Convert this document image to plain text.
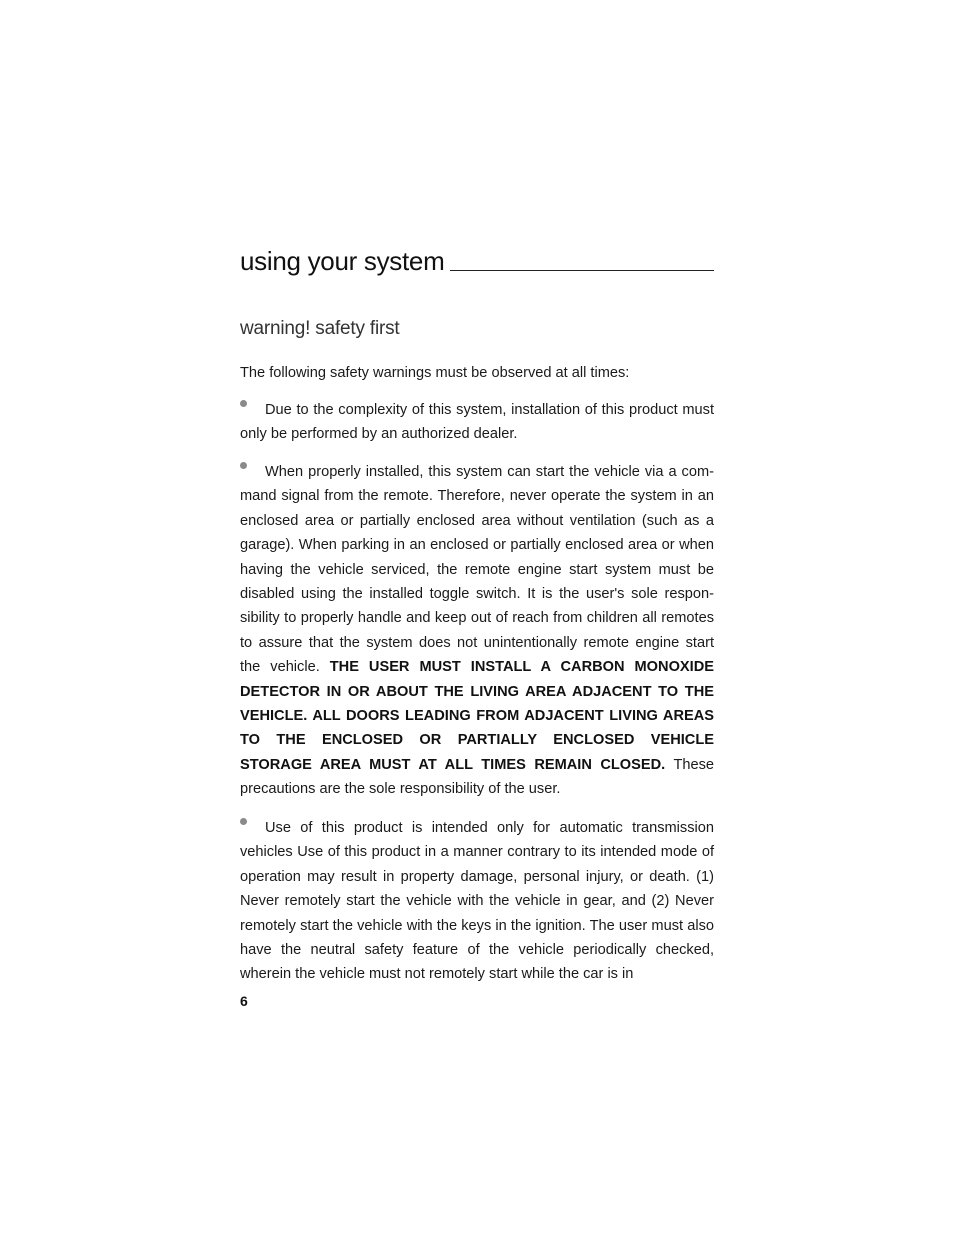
using your system
warning! safety first

The following safety warnings must be observed at all times:

Due to the complexity of this system, installation of this product must only be performed by an authorized dealer.

When properly installed, this system can start the vehicle via a command signal from the remote. Therefore, never operate the system in an enclosed area or partially enclosed area without ventilation (such as a garage). When parking in an enclosed or partially enclosed area or when having the vehicle serviced, the remote engine start system must be disabled using the installed toggle switch. It is the user's sole responsibility to properly handle and keep out of reach from children all remotes to assure that the system does not unintentionally remote engine start the vehicle. THE USER MUST INSTALL A CARBON MONOXIDE DETECTOR IN OR ABOUT THE LIVING AREA ADJACENT TO THE VEHICLE. ALL DOORS LEADING FROM ADJACENT LIVING AREAS TO THE ENCLOSED OR PARTIALLY ENCLOSED VEHICLE STORAGE AREA MUST AT ALL TIMES REMAIN CLOSED. These precautions are the sole responsibility of the user.

Use of this product is intended only for automatic transmission vehicles Use of this product in a manner contrary to its intended mode of operation may result in property damage, personal injury, or death. (1) Never remotely start the vehicle with the vehicle in gear, and (2) Never remotely start the vehicle with the keys in the ignition. The user must also have the neutral safety feature of the vehicle periodically checked, wherein the vehicle must not remotely start while the car is in

6
